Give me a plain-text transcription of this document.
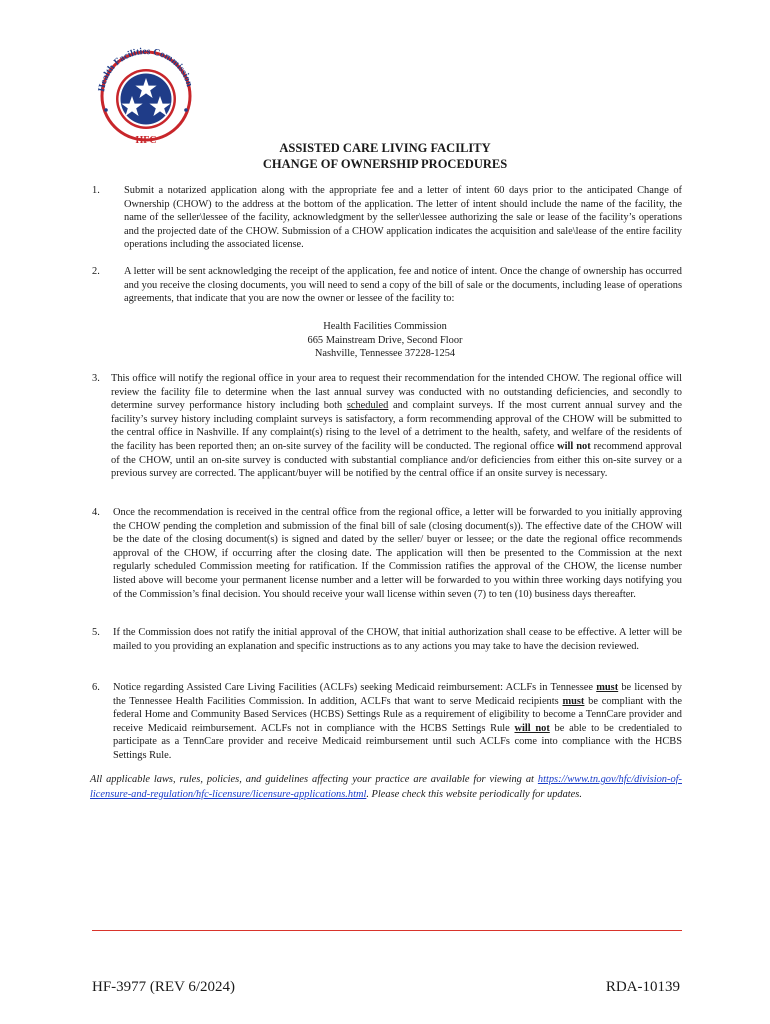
Health Facilities Commission
HFC
ASSISTED CARE LIVING FACILITY
CHANGE OF OWNERSHIP PROCEDURES
1. Submit a notarized application along with the appropriate fee and a letter of intent 60 days prior to the anticipated Change of Ownership (CHOW) to the address at the bottom of the application. The letter of intent should include the name of the facility, the name of the seller\lessee of the facility, acknowledgment by the seller\lessee authorizing the sale or lease of the facility’s operations and the projected date of the CHOW. Submission of a CHOW application indicates the acquisition and sale\lease of the entire facility operations including the associated license.
2. A letter will be sent acknowledging the receipt of the application, fee and notice of intent. Once the change of ownership has occurred and you receive the closing documents, you will need to send a copy of the bill of sale or the documents, including lease of operations agreements, that indicate that you are now the owner or lessee of the facility to:
Health Facilities Commission
665 Mainstream Drive, Second Floor
Nashville, Tennessee 37228-1254
3. This office will notify the regional office in your area to request their recommendation for the intended CHOW. The regional office will review the facility file to determine when the last annual survey was conducted with no outstanding deficiencies, and secondly to determine survey performance history including both scheduled and complaint surveys. If the most current annual survey and the facility’s survey history including complaint surveys is satisfactory, a form recommending approval of the CHOW will be submitted to the central office in Nashville. If any complaint(s) rising to the level of a detriment to the health, safety, and welfare of the residents of the facility has been reported then; an on-site survey of the facility will be conducted. The regional office will not recommend approval of the CHOW, until an on-site survey is conducted with substantial compliance and/or deficiencies from either this on-site survey or a previous survey are corrected. The applicant/buyer will be notified by the central office if an onsite survey is necessary.
4. Once the recommendation is received in the central office from the regional office, a letter will be forwarded to you initially approving the CHOW pending the completion and submission of the final bill of sale (closing document(s)). The effective date of the CHOW will be the date of the closing document(s) is signed and dated by the seller/ buyer or lessee; or the date the regional office recommends approval of the CHOW, if occurring after the closing date. The application will then be presented to the Commission at the next regularly scheduled Commission meeting for ratification. If the Commission ratifies the approval of the CHOW, the license number listed above will become your permanent license number and a letter will be forwarded to you within three working days notifying you of the Commission’s final decision. You should receive your wall license within seven (7) to ten (10) business days thereafter.
5. If the Commission does not ratify the initial approval of the CHOW, that initial authorization shall cease to be effective. A letter will be mailed to you providing an explanation and specific instructions as to any actions you may take to have the decision reviewed.
6. Notice regarding Assisted Care Living Facilities (ACLFs) seeking Medicaid reimbursement: ACLFs in Tennessee must be licensed by the Tennessee Health Facilities Commission. In addition, ACLFs that want to serve Medicaid recipients must be compliant with the federal Home and Community Based Services (HCBS) Settings Rule as a requirement of eligibility to become a TennCare provider and receive Medicaid reimbursement. ACLFs not in compliance with the HCBS Settings Rule will not be able to be credentialed to participate as a TennCare provider and receive Medicaid reimbursement until such ACLFs come into compliance with the HCBS Settings Rule.
All applicable laws, rules, policies, and guidelines affecting your practice are available for viewing at https://www.tn.gov/hfc/division-of-licensure-and-regulation/hfc-licensure/licensure-applications.html. Please check this website periodically for updates.
HF-3977 (REV 6/2024)	RDA-10139
